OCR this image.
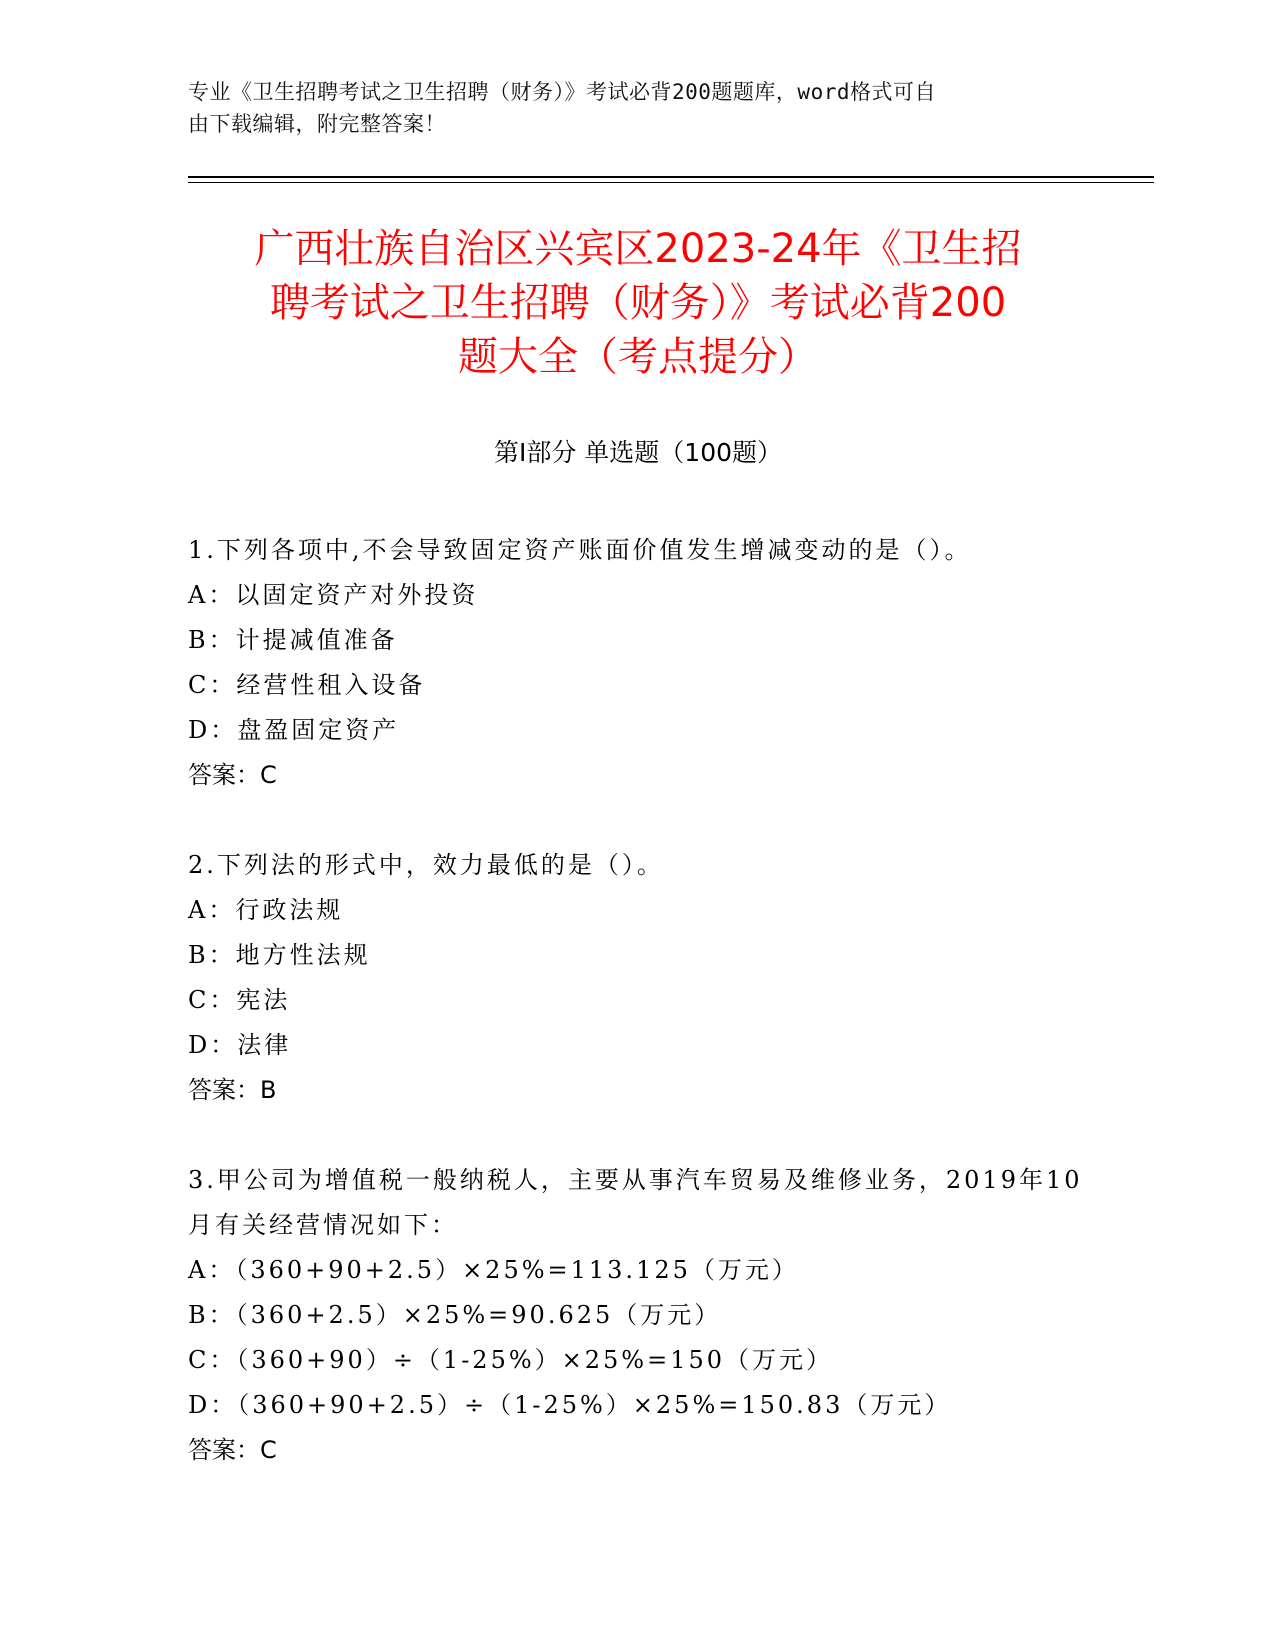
专业《卫生招聘考试之卫生招聘（财务）》考试必背200题题库，word格式可自
由下载编辑，附完整答案！
广西壮族自治区兴宾区2023-24年《卫生招
聘考试之卫生招聘（财务）》考试必背200
题大全（考点提分）
第Ⅰ部分 单选题（100题）
1.下列各项中,不会导致固定资产账面价值发生增减变动的是（）。
A：以固定资产对外投资
B：计提减值准备
C：经营性租入设备
D：盘盈固定资产
答案：C
2.下列法的形式中，效力最低的是（）。
A：行政法规
B：地方性法规
C：宪法
D：法律
答案：B
3.甲公司为增值税一般纳税人，主要从事汽车贸易及维修业务，2019年10月有关经营情况如下：
A：（360+90+2.5）×25%=113.125（万元）
B：（360+2.5）×25%=90.625（万元）
C：（360+90）÷（1-25%）×25%=150（万元）
D：（360+90+2.5）÷（1-25%）×25%=150.83（万元）
答案：C
